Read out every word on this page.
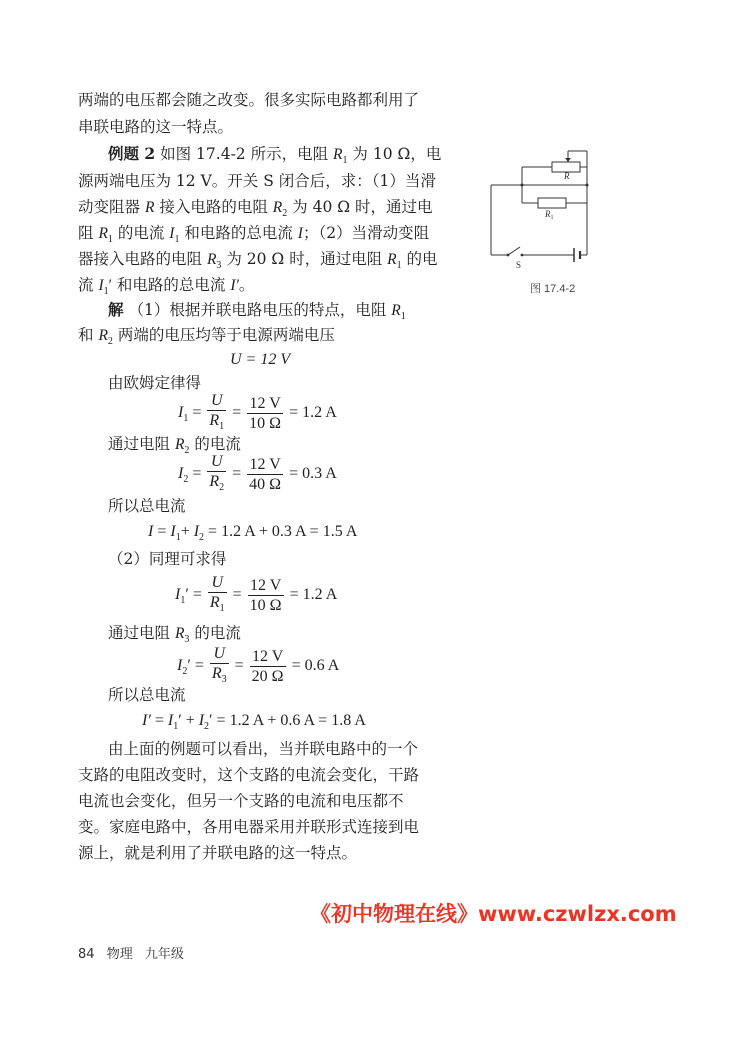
两端的电压都会随之改变。很多实际电路都利用了
串联电路的这一特点。
例题 2 如图 17.4-2 所示，电阻 $R_1$ 为 10 Ω，电
源两端电压为 12 V。开关 S 闭合后，求：（1）当滑
动变阻器 R 接入电路的电阻 $R_2$ 为 40 Ω 时，通过电
阻 $R_1$ 的电流 $I_1$ 和电路的总电流 I；（2）当滑动变阻
器接入电路的电阻 $R_3$ 为 20 Ω 时，通过电阻 $R_1$ 的电
流 $I_1'$ 和电路的总电流 I′。
解 （1）根据并联电路电压的特点，电阻 $R_1$
和 $R_2$ 两端的电压均等于电源两端电压
U = 12 V
由欧姆定律得
$I_1 = \frac{U}{R_1} = \frac{12 V}{10 \Omega} = 1.2$ A
通过电阻 $R_2$ 的电流
$I_2 = \frac{U}{R_2} = \frac{12 V}{40 \Omega} = 0.3$ A
所以总电流
$I = I_1+ I_2 = 1.2$ A + 0.3 A = 1.5 A
（2）同理可求得
$I_1' = \frac{U}{R_1} = \frac{12 V}{10 \Omega} = 1.2$ A
通过电阻 $R_3$ 的电流
$I_2' = \frac{U}{R_3} = \frac{12 V}{20 \Omega} = 0.6$ A
所以总电流
$I' = I_1' + I_2' = 1.2$ A + 0.6 A = 1.8 A
由上面的例题可以看出，当并联电路中的一个
支路的电阻改变时，这个支路的电流会变化，干路
电流也会变化，但另一个支路的电流和电压都不
变。家庭电路中，各用电器采用并联形式连接到电
源上，就是利用了并联电路的这一特点。
R
$R_1$
S
图 17.4-2
《初中物理在线》www.czwlzx.com
84 物理 九年级
